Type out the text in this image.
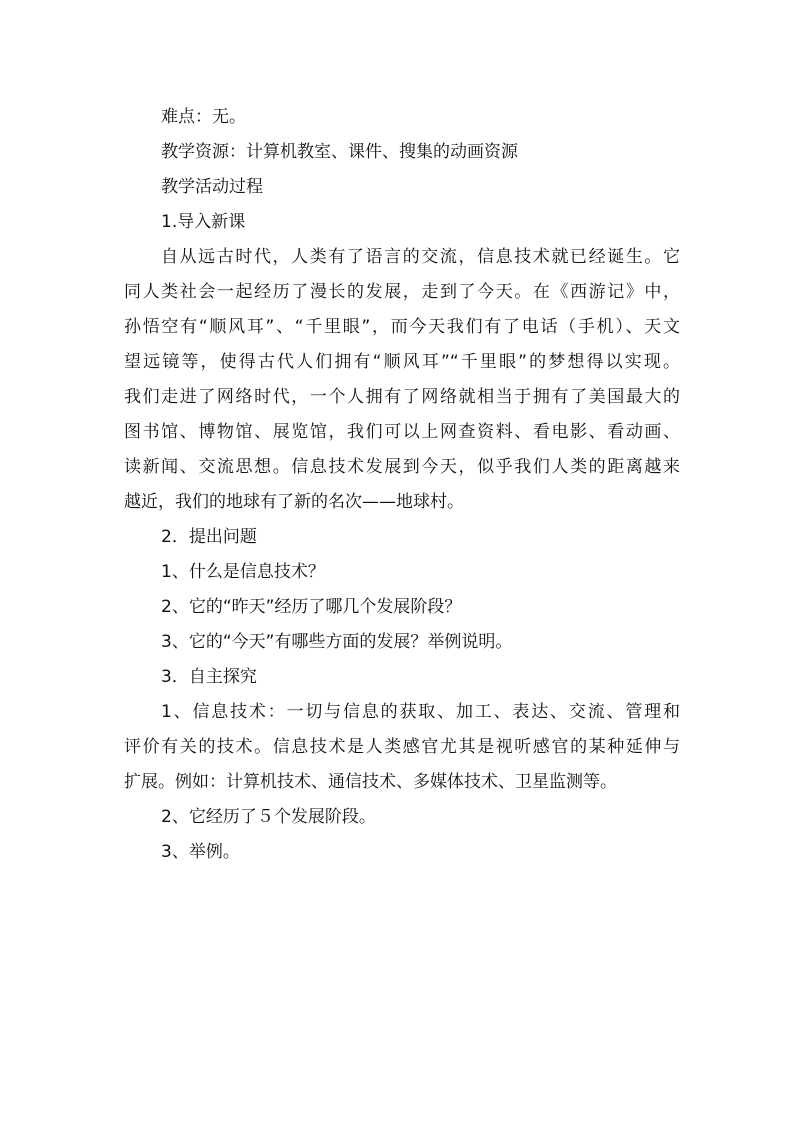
难点：无。

教学资源：计算机教室、课件、搜集的动画资源

教学活动过程

1.导入新课

自从远古时代，人类有了语言的交流，信息技术就已经诞生。它
同人类社会一起经历了漫长的发展，走到了今天。在《西游记》中，
孙悟空有“顺风耳”、“千里眼”，而今天我们有了电话（手机）、天文
望远镜等，使得古代人们拥有“顺风耳”“千里眼”的梦想得以实现。
我们走进了网络时代，一个人拥有了网络就相当于拥有了美国最大的
图书馆、博物馆、展览馆，我们可以上网查资料、看电影、看动画、
读新闻、交流思想。信息技术发展到今天，似乎我们人类的距离越来
越近，我们的地球有了新的名次——地球村。

2．提出问题

1、什么是信息技术？

2、它的“昨天”经历了哪几个发展阶段？

3、它的“今天”有哪些方面的发展？举例说明。

3．自主探究

1、信息技术：一切与信息的获取、加工、表达、交流、管理和
评价有关的技术。信息技术是人类感官尤其是视听感官的某种延伸与
扩展。例如：计算机技术、通信技术、多媒体技术、卫星监测等。

2、它经历了５个发展阶段。

3、举例。
